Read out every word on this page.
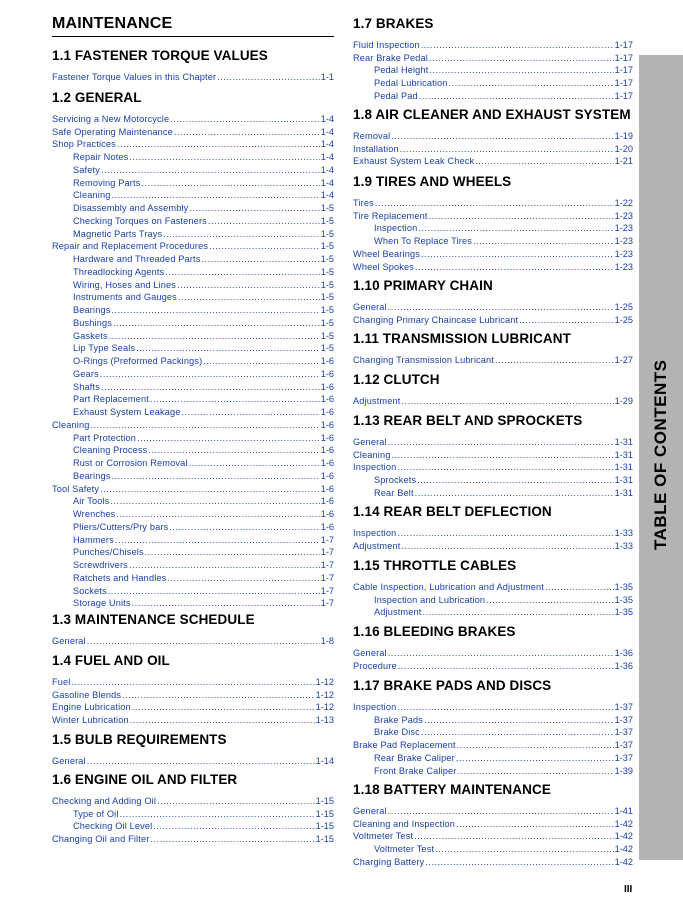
MAINTENANCE
1.1 FASTENER TORQUE VALUES
Fastener Torque Values in this Chapter .....	1-1
1.2 GENERAL
Servicing a New Motorcycle .....	1-4
Safe Operating Maintenance .....	1-4
Shop Practices .....	1-4
Repair Notes .....	1-4
Safety .....	1-4
Removing Parts .....	1-4
Cleaning .....	1-4
Disassembly and Assembly .....	1-5
Checking Torques on Fasteners .....	1-5
Magnetic Parts Trays .....	1-5
Repair and Replacement Procedures .....	1-5
Hardware and Threaded Parts .....	1-5
Threadlocking Agents .....	1-5
Wiring, Hoses and Lines .....	1-5
Instruments and Gauges .....	1-5
Bearings .....	1-5
Bushings .....	1-5
Gaskets .....	1-5
Lip Type Seals .....	1-5
O-Rings (Preformed Packings) .....	1-6
Gears .....	1-6
Shafts .....	1-6
Part Replacement .....	1-6
Exhaust System Leakage .....	1-6
Cleaning .....	1-6
Part Protection .....	1-6
Cleaning Process .....	1-6
Rust or Corrosion Removal .....	1-6
Bearings .....	1-6
Tool Safety .....	1-6
Air Tools .....	1-6
Wrenches .....	1-6
Pliers/Cutters/Pry bars .....	1-6
Hammers .....	1-7
Punches/Chisels .....	1-7
Screwdrivers .....	1-7
Ratchets and Handles .....	1-7
Sockets .....	1-7
Storage Units .....	1-7
1.3 MAINTENANCE SCHEDULE
General .....	1-8
1.4 FUEL AND OIL
Fuel .....	1-12
Gasoline Blends .....	1-12
Engine Lubrication .....	1-12
Winter Lubrication .....	1-13
1.5 BULB REQUIREMENTS
General .....	1-14
1.6 ENGINE OIL AND FILTER
Checking and Adding Oil .....	1-15
Type of Oil .....	1-15
Checking Oil Level .....	1-15
Changing Oil and Filter .....	1-15
1.7 BRAKES
Fluid Inspection .....	1-17
Rear Brake Pedal .....	1-17
Pedal Height .....	1-17
Pedal Lubrication .....	1-17
Pedal Pad .....	1-17
1.8 AIR CLEANER AND EXHAUST SYSTEM
Removal .....	1-19
Installation .....	1-20
Exhaust System Leak Check .....	1-21
1.9 TIRES AND WHEELS
Tires .....	1-22
Tire Replacement .....	1-23
Inspection .....	1-23
When To Replace Tires .....	1-23
Wheel Bearings .....	1-23
Wheel Spokes .....	1-23
1.10 PRIMARY CHAIN
General .....	1-25
Changing Primary Chaincase Lubricant .....	1-25
1.11 TRANSMISSION LUBRICANT
Changing Transmission Lubricant .....	1-27
1.12 CLUTCH
Adjustment .....	1-29
1.13 REAR BELT AND SPROCKETS
General .....	1-31
Cleaning .....	1-31
Inspection .....	1-31
Sprockets .....	1-31
Rear Belt .....	1-31
1.14 REAR BELT DEFLECTION
Inspection .....	1-33
Adjustment .....	1-33
1.15 THROTTLE CABLES
Cable Inspection, Lubrication and Adjustment .....	1-35
Inspection and Lubrication .....	1-35
Adjustment .....	1-35
1.16 BLEEDING BRAKES
General .....	1-36
Procedure .....	1-36
1.17 BRAKE PADS AND DISCS
Inspection .....	1-37
Brake Pads .....	1-37
Brake Disc .....	1-37
Brake Pad Replacement .....	1-37
Rear Brake Caliper .....	1-37
Front Brake Caliper .....	1-39
1.18 BATTERY MAINTENANCE
General .....	1-41
Cleaning and Inspection .....	1-42
Voltmeter Test .....	1-42
Voltmeter Test .....	1-42
Charging Battery .....	1-42
TABLE OF CONTENTS
III
